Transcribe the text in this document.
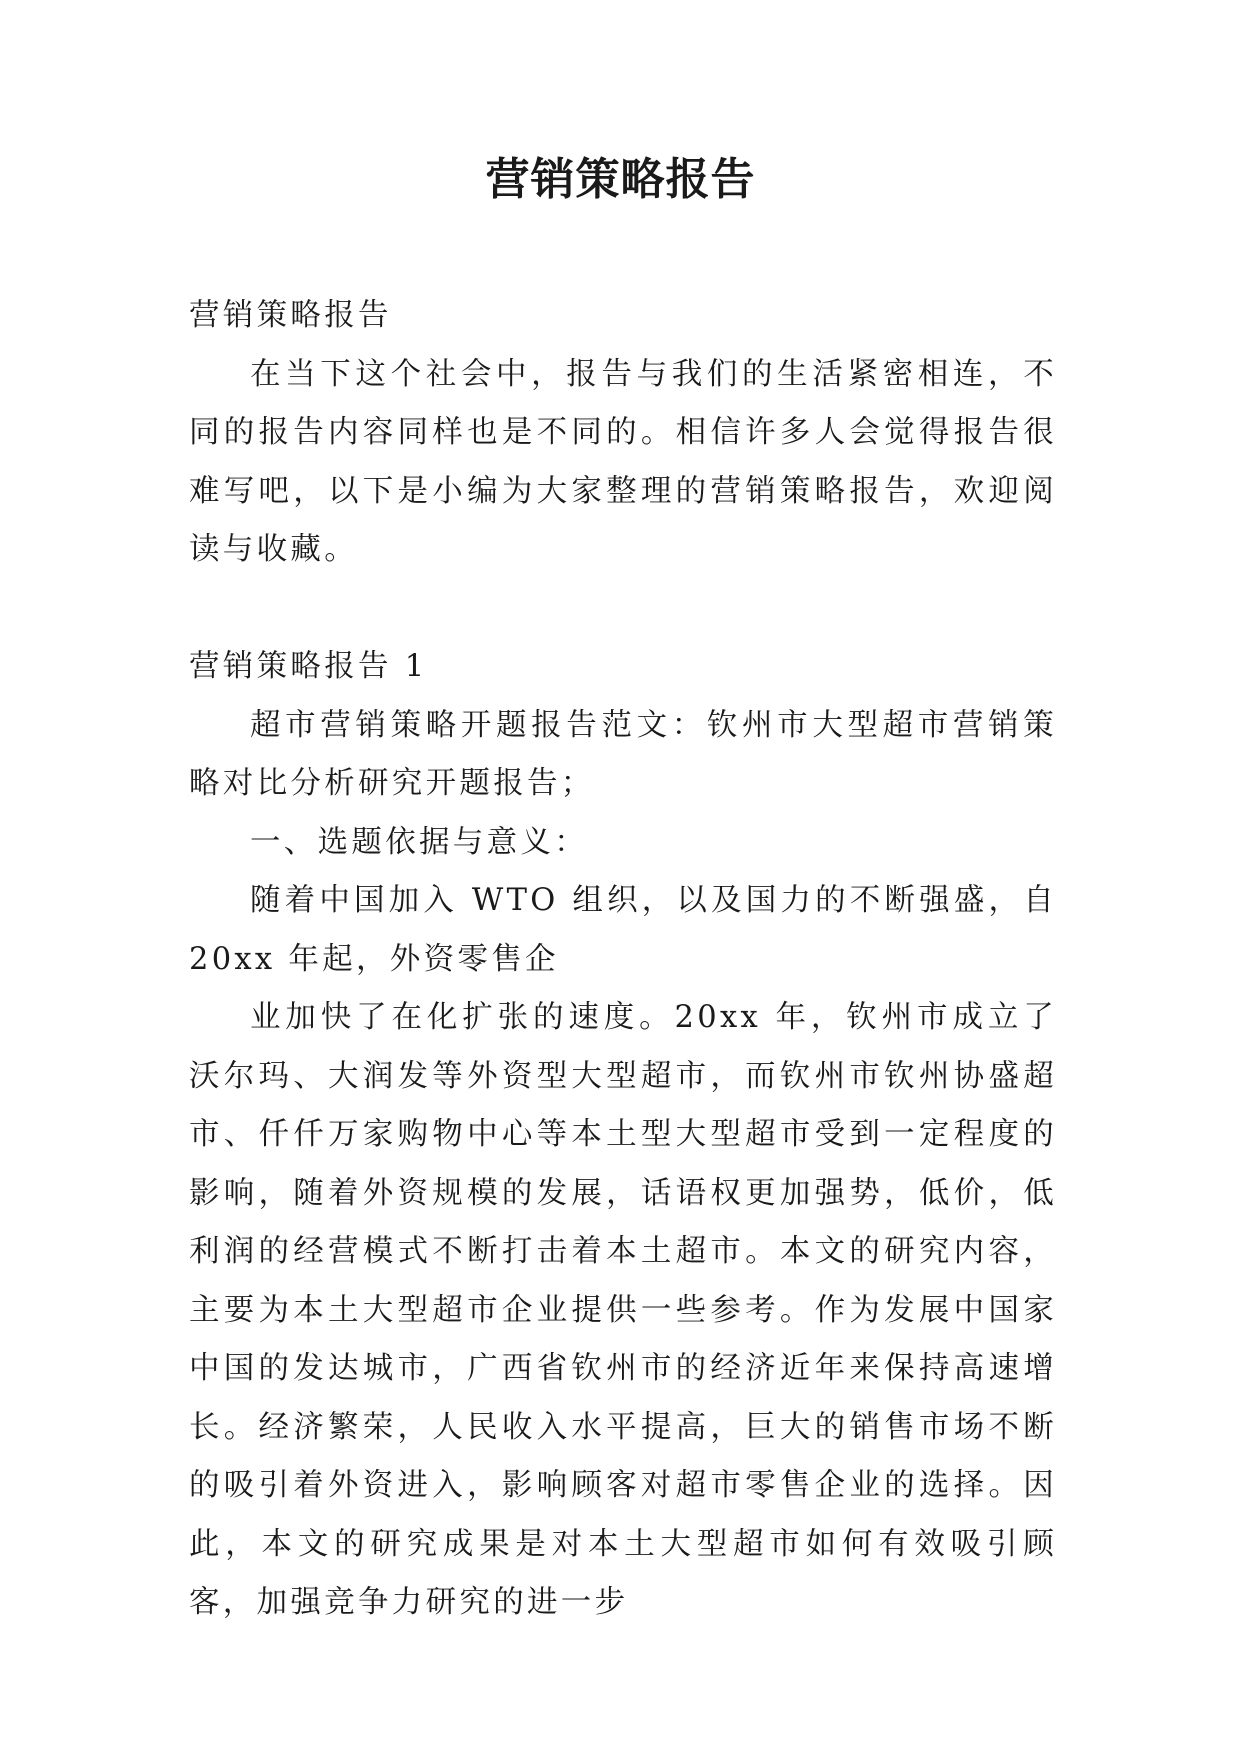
营销策略报告

营销策略报告

在当下这个社会中，报告与我们的生活紧密相连，不同的报告内容同样也是不同的。相信许多人会觉得报告很难写吧，以下是小编为大家整理的营销策略报告，欢迎阅读与收藏。

营销策略报告 1

超市营销策略开题报告范文：钦州市大型超市营销策略对比分析研究开题报告；

一、选题依据与意义：

随着中国加入 WTO 组织，以及国力的不断强盛，自 20xx 年起，外资零售企

业加快了在化扩张的速度。20xx 年，钦州市成立了沃尔玛、大润发等外资型大型超市，而钦州市钦州协盛超市、仟仟万家购物中心等本土型大型超市受到一定程度的影响，随着外资规模的发展，话语权更加强势，低价，低利润的经营模式不断打击着本土超市。本文的研究内容，主要为本土大型超市企业提供一些参考。作为发展中国家中国的发达城市，广西省钦州市的经济近年来保持高速增长。经济繁荣，人民收入水平提高，巨大的销售市场不断的吸引着外资进入，影响顾客对超市零售企业的选择。因此，本文的研究成果是对本土大型超市如何有效吸引顾客，加强竞争力研究的进一步
